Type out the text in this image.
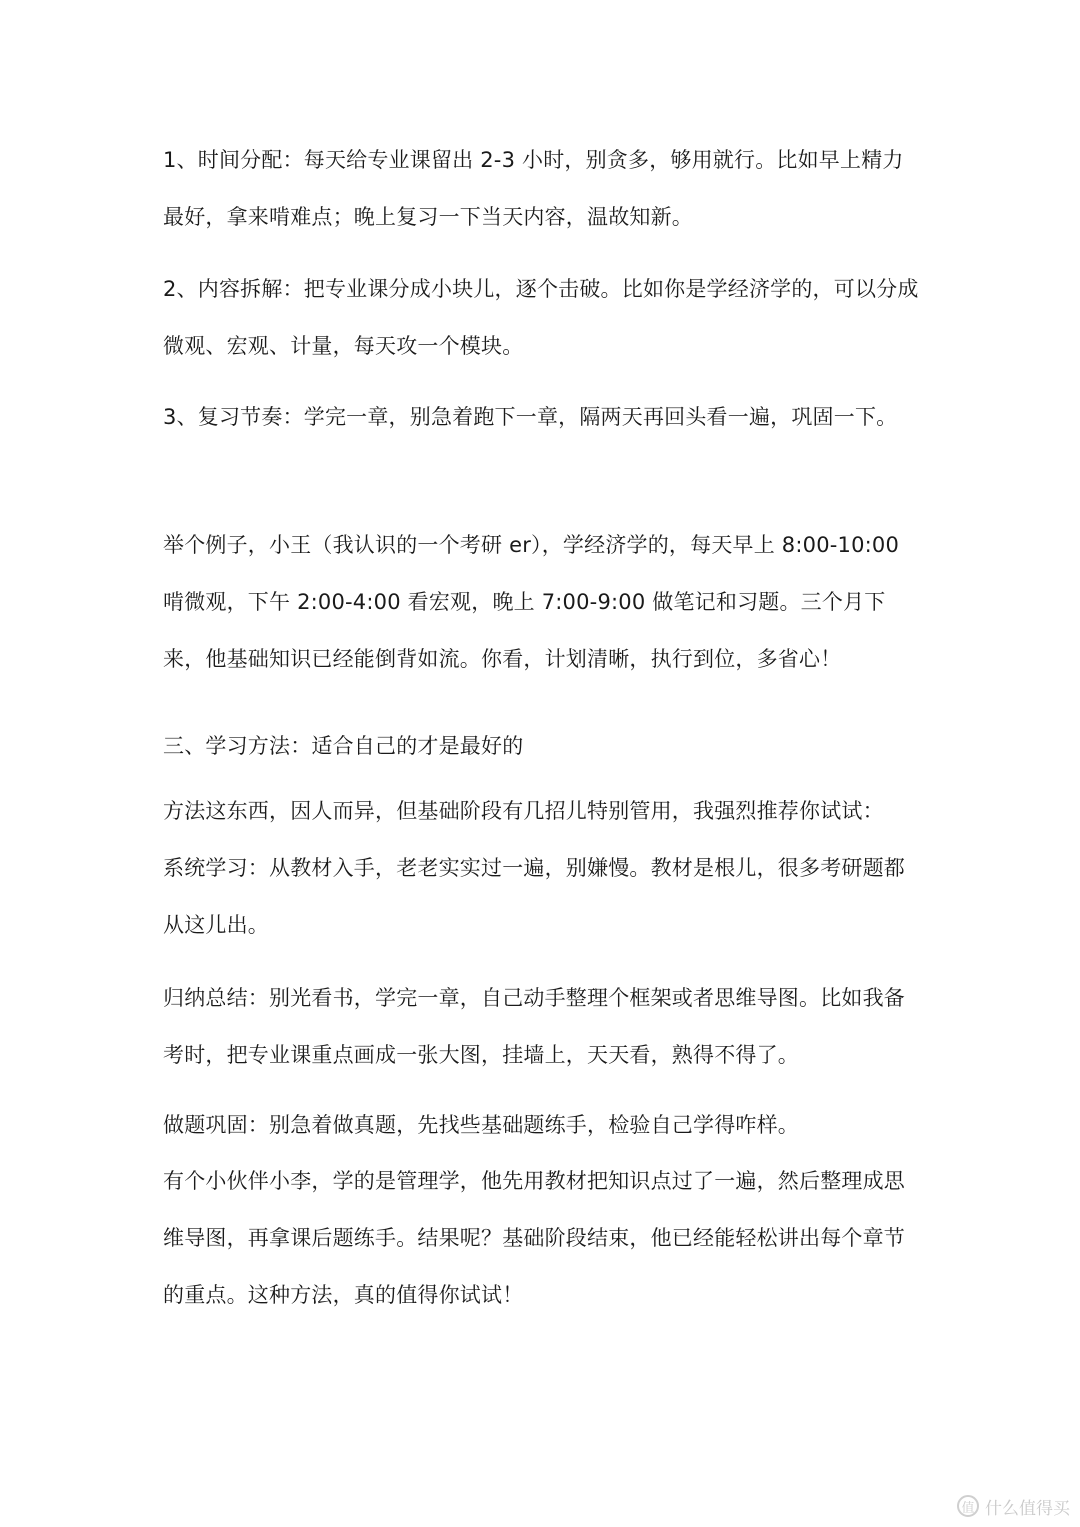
1、时间分配：每天给专业课留出 2-3 小时，别贪多，够用就行。比如早上精力最好，拿来啃难点；晚上复习一下当天内容，温故知新。

2、内容拆解：把专业课分成小块儿，逐个击破。比如你是学经济学的，可以分成微观、宏观、计量，每天攻一个模块。

3、复习节奏：学完一章，别急着跑下一章，隔两天再回头看一遍，巩固一下。

举个例子，小王（我认识的一个考研 er），学经济学的，每天早上 8:00-10:00 啃微观，下午 2:00-4:00 看宏观，晚上 7:00-9:00 做笔记和习题。三个月下来，他基础知识已经能倒背如流。你看，计划清晰，执行到位，多省心！

三、学习方法：适合自己的才是最好的

方法这东西，因人而异，但基础阶段有几招儿特别管用，我强烈推荐你试试：

系统学习：从教材入手，老老实实过一遍，别嫌慢。教材是根儿，很多考研题都从这儿出。

归纳总结：别光看书，学完一章，自己动手整理个框架或者思维导图。比如我备考时，把专业课重点画成一张大图，挂墙上，天天看，熟得不得了。

做题巩固：别急着做真题，先找些基础题练手，检验自己学得咋样。

有个小伙伴小李，学的是管理学，他先用教材把知识点过了一遍，然后整理成思维导图，再拿课后题练手。结果呢？基础阶段结束，他已经能轻松讲出每个章节的重点。这种方法，真的值得你试试！

值 什么值得买
